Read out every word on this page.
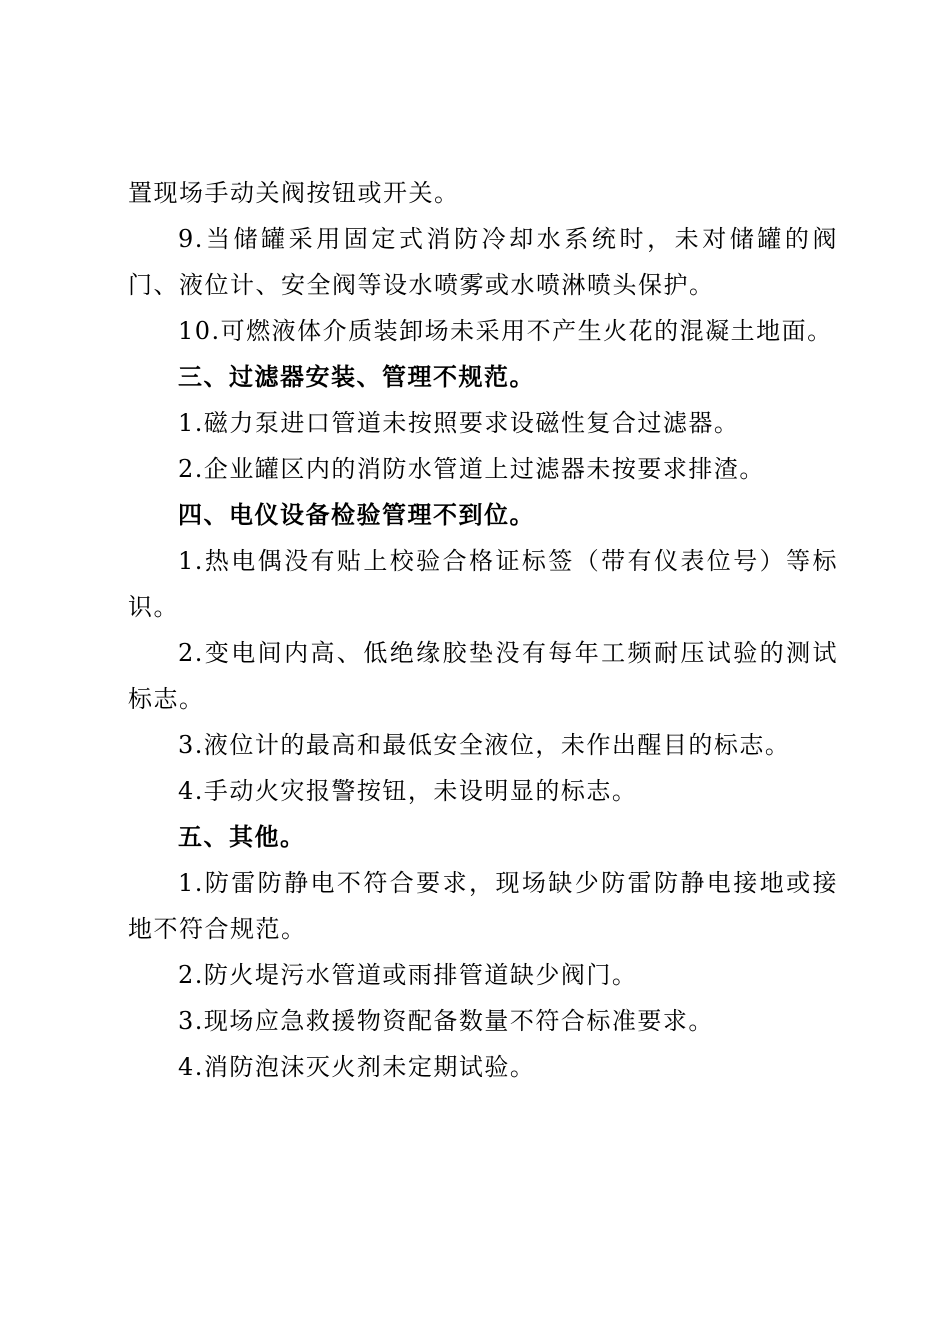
置现场手动关阀按钮或开关。

9.当储罐采用固定式消防冷却水系统时，未对储罐的阀门、液位计、安全阀等设水喷雾或水喷淋喷头保护。

10.可燃液体介质装卸场未采用不产生火花的混凝土地面。

三、过滤器安装、管理不规范。

1.磁力泵进口管道未按照要求设磁性复合过滤器。

2.企业罐区内的消防水管道上过滤器未按要求排渣。

四、电仪设备检验管理不到位。

1.热电偶没有贴上校验合格证标签（带有仪表位号）等标识。

2.变电间内高、低绝缘胶垫没有每年工频耐压试验的测试标志。

3.液位计的最高和最低安全液位，未作出醒目的标志。

4.手动火灾报警按钮，未设明显的标志。

五、其他。

1.防雷防静电不符合要求，现场缺少防雷防静电接地或接地不符合规范。

2.防火堤污水管道或雨排管道缺少阀门。

3.现场应急救援物资配备数量不符合标准要求。

4.消防泡沫灭火剂未定期试验。
